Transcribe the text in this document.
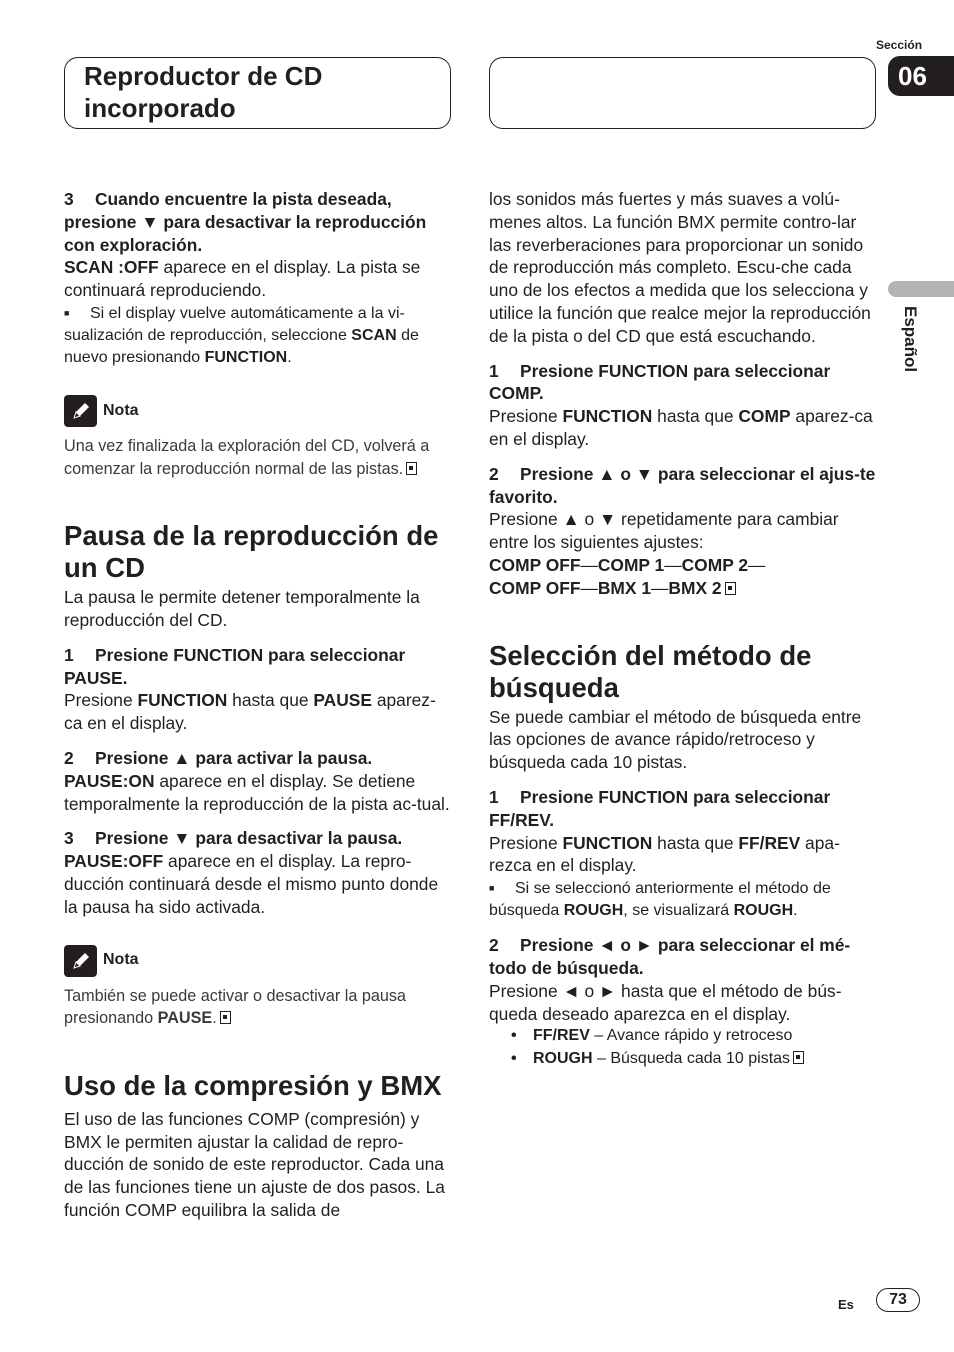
Reproductor de CD incorporado
Sección
06
Español

3 Cuando encuentre la pista deseada, presione ▼ para desactivar la reproducción con exploración.

SCAN :OFF aparece en el display. La pista se continuará reproduciendo.

■ Si el display vuelve automáticamente a la vi-sualización de reproducción, seleccione SCAN de nuevo presionando FUNCTION.

Nota

Una vez finalizada la exploración del CD, volverá a comenzar la reproducción normal de las pistas.

Pausa de la reproducción de un CD

La pausa le permite detener temporalmente la reproducción del CD.

1 Presione FUNCTION para seleccionar PAUSE.

Presione FUNCTION hasta que PAUSE aparez-ca en el display.

2 Presione ▲ para activar la pausa.

PAUSE:ON aparece en el display. Se detiene temporalmente la reproducción de la pista ac-tual.

3 Presione ▼ para desactivar la pausa.

PAUSE:OFF aparece en el display. La repro-ducción continuará desde el mismo punto donde la pausa ha sido activada.

Nota

También se puede activar o desactivar la pausa presionando PAUSE.

Uso de la compresión y BMX

El uso de las funciones COMP (compresión) y BMX le permiten ajustar la calidad de repro-ducción de sonido de este reproductor. Cada una de las funciones tiene un ajuste de dos pasos. La función COMP equilibra la salida de

los sonidos más fuertes y más suaves a volú-menes altos. La función BMX permite contro-lar las reverberaciones para proporcionar un sonido de reproducción más completo. Escu-che cada uno de los efectos a medida que los selecciona y utilice la función que realce mejor la reproducción de la pista o del CD que está escuchando.

1 Presione FUNCTION para seleccionar COMP.

Presione FUNCTION hasta que COMP aparez-ca en el display.

2 Presione ▲ o ▼ para seleccionar el ajus-te favorito.

Presione ▲ o ▼ repetidamente para cambiar entre los siguientes ajustes:

COMP OFF—COMP 1—COMP 2—
COMP OFF—BMX 1—BMX 2

Selección del método de búsqueda

Se puede cambiar el método de búsqueda entre las opciones de avance rápido/retroceso y búsqueda cada 10 pistas.

1 Presione FUNCTION para seleccionar FF/REV.

Presione FUNCTION hasta que FF/REV apa-rezca en el display.

■ Si se seleccionó anteriormente el método de búsqueda ROUGH, se visualizará ROUGH.

2 Presione ◄ o ► para seleccionar el mé-todo de búsqueda.

Presione ◄ o ► hasta que el método de bús-queda deseado aparezca en el display.

• FF/REV – Avance rápido y retroceso
• ROUGH – Búsqueda cada 10 pistas
Es	73
